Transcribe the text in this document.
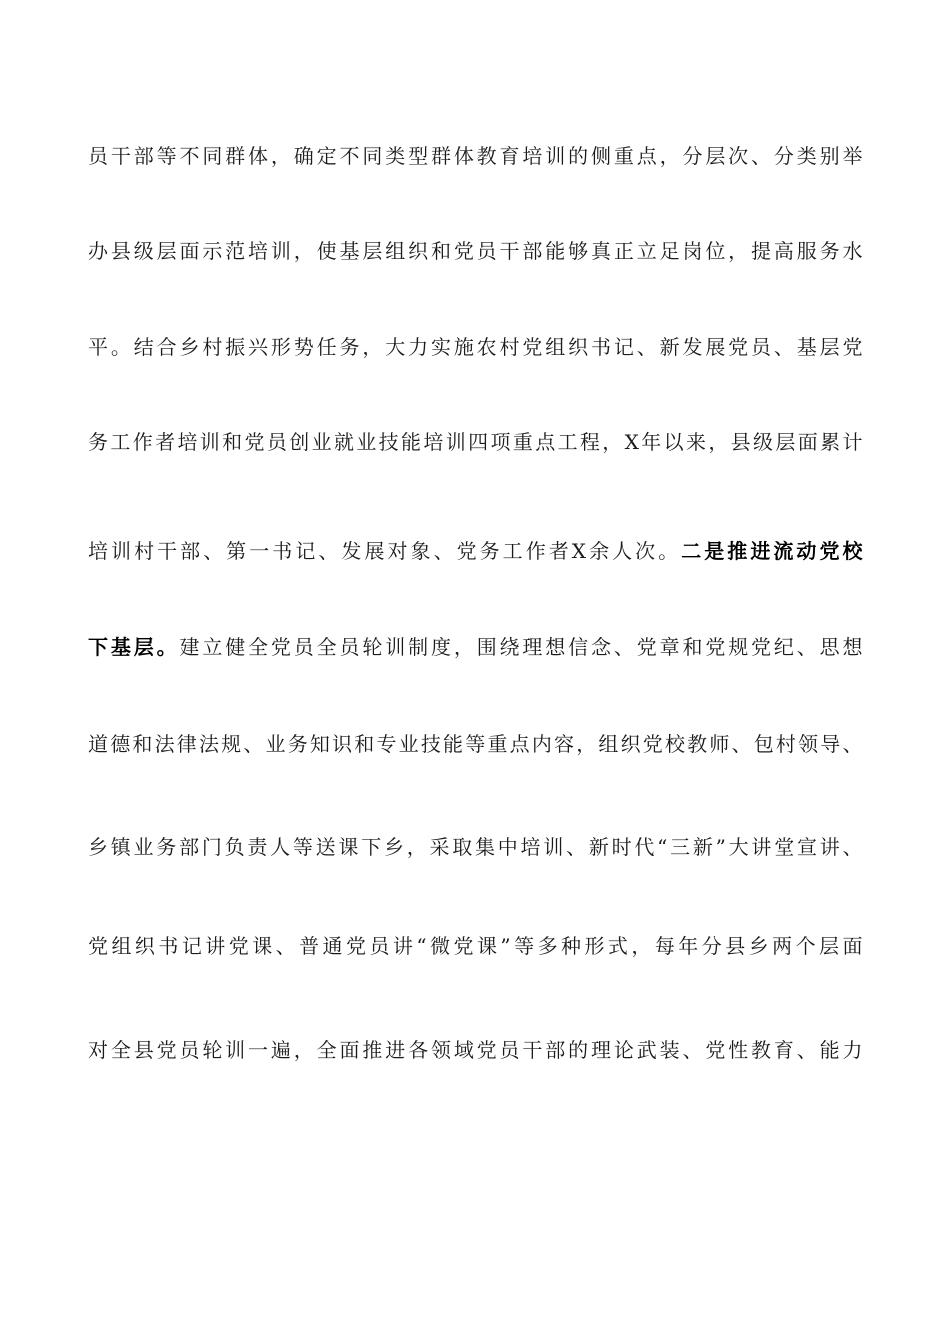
员干部等不同群体，确定不同类型群体教育培训的侧重点，分层次、分类别举
办县级层面示范培训，使基层组织和党员干部能够真正立足岗位，提高服务水
平。结合乡村振兴形势任务，大力实施农村党组织书记、新发展党员、基层党
务工作者培训和党员创业就业技能培训四项重点工程，X年以来，县级层面累计
培训村干部、第一书记、发展对象、党务工作者X余人次。二是推进流动党校
下基层。建立健全党员全员轮训制度，围绕理想信念、党章和党规党纪、思想
道德和法律法规、业务知识和专业技能等重点内容，组织党校教师、包村领导、
乡镇业务部门负责人等送课下乡，采取集中培训、新时代“三新”大讲堂宣讲、
党组织书记讲党课、普通党员讲“微党课”等多种形式，每年分县乡两个层面
对全县党员轮训一遍，全面推进各领域党员干部的理论武装、党性教育、能力
